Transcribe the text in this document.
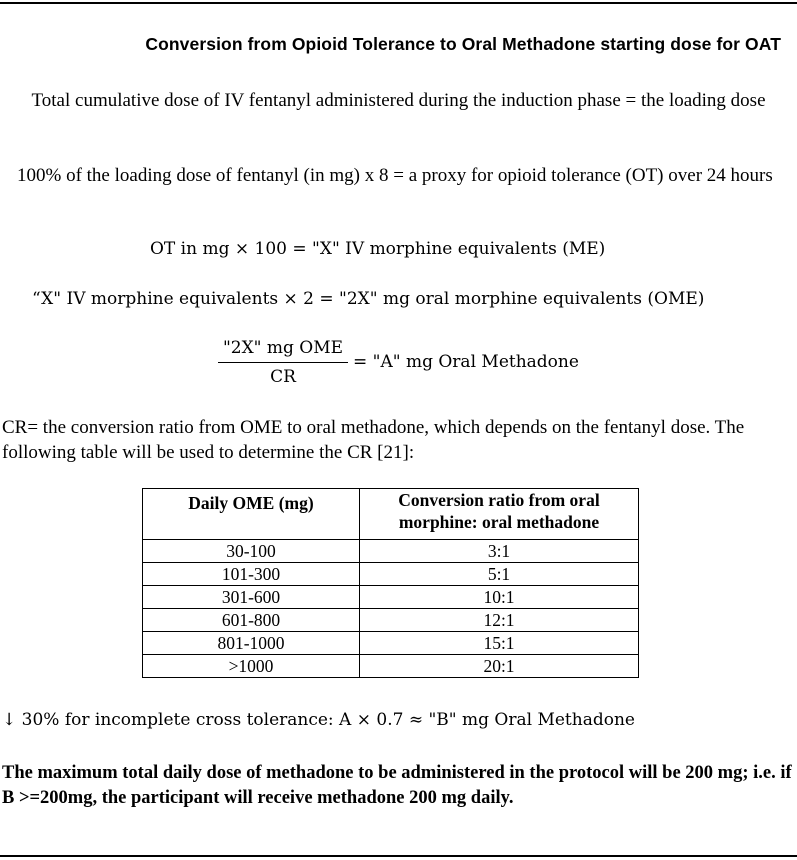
Conversion from Opioid Tolerance to Oral Methadone starting dose for OAT
Total cumulative dose of IV fentanyl administered during the induction phase = the loading dose
100% of the loading dose of fentanyl (in mg) x 8 = a proxy for opioid tolerance (OT) over 24 hours
OT in mg × 100 = "X" IV morphine equivalents (ME)
“X" IV morphine equivalents × 2 = "2X" mg oral morphine equivalents (OME)
"2X" mg OME
CR
= "A" mg Oral Methadone
CR= the conversion ratio from OME to oral methadone, which depends on the fentanyl dose. The following table will be used to determine the CR [21]:
Daily OME (mg)	Conversion ratio from oral morphine: oral methadone
30-100	3:1
101-300	5:1
301-600	10:1
601-800	12:1
801-1000	15:1
>1000	20:1
↓ 30% for incomplete cross tolerance: A × 0.7 ≈ "B" mg Oral Methadone
The maximum total daily dose of methadone to be administered in the protocol will be 200 mg; i.e. if B >=200mg, the participant will receive methadone 200 mg daily.
